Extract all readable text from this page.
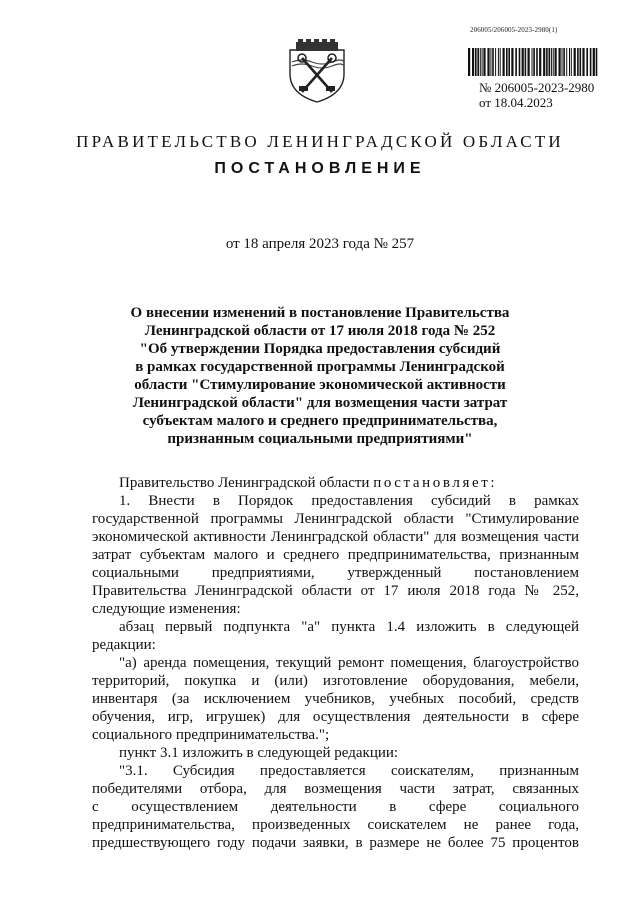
206005/206005-2023-2980(1)
№ 206005-2023-2980
от 18.04.2023
ПРАВИТЕЛЬСТВО ЛЕНИНГРАДСКОЙ ОБЛАСТИ
ПОСТАНОВЛЕНИЕ
от 18 апреля 2023 года № 257
О внесении изменений в постановление Правительства
Ленинградской области от 17 июля 2018 года № 252
"Об утверждении Порядка предоставления субсидий
в рамках государственной программы Ленинградской
области "Стимулирование экономической активности
Ленинградской области" для возмещения части затрат
субъектам малого и среднего предпринимательства,
признанным социальными предприятиями"
Правительство Ленинградской области постановляет:
1. Внести в Порядок предоставления субсидий в рамках
государственной программы Ленинградской области "Стимулирование
экономической активности Ленинградской области" для возмещения части
затрат субъектам малого и среднего предпринимательства, признанным
социальными предприятиями, утвержденный постановлением
Правительства Ленинградской области от 17 июля 2018 года № 252,
следующие изменения:
абзац первый подпункта "а" пункта 1.4 изложить в следующей
редакции:
"а) аренда помещения, текущий ремонт помещения, благоустройство
территорий, покупка и (или) изготовление оборудования, мебели,
инвентаря (за исключением учебников, учебных пособий, средств
обучения, игр, игрушек) для осуществления деятельности в сфере
социального предпринимательства.";
пункт 3.1 изложить в следующей редакции:
"3.1. Субсидия предоставляется соискателям, признанным
победителями отбора, для возмещения части затрат, связанных
с осуществлением деятельности в сфере социального
предпринимательства, произведенных соискателем не ранее года,
предшествующего году подачи заявки, в размере не более 75 процентов
